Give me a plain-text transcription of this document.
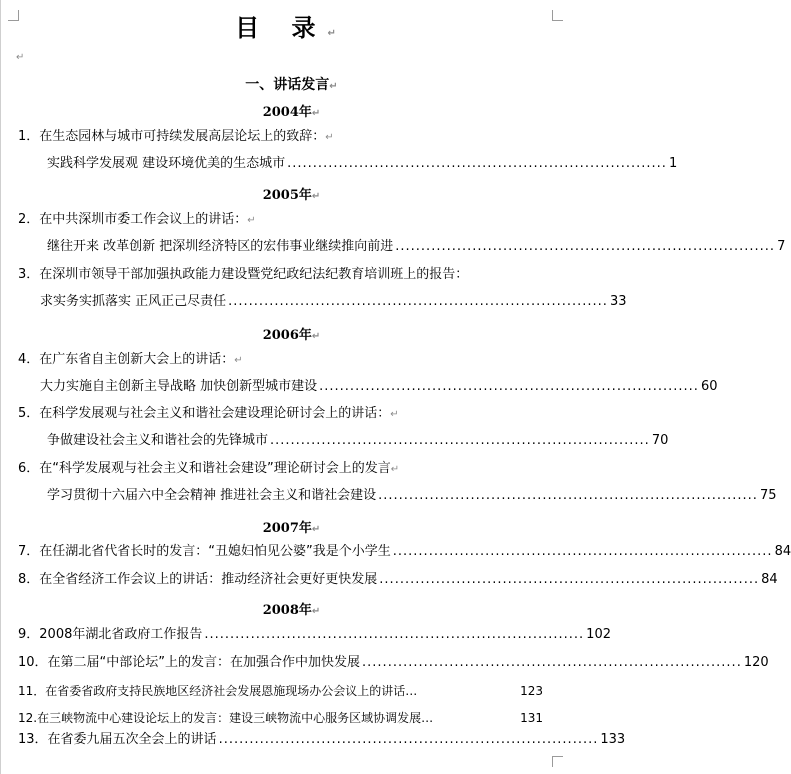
目 录↵
↵
一、讲话发言↵
2004年↵
2005年↵
2006年↵
2007年↵
2008年↵
1．在生态园林与城市可持续发展高层论坛上的致辞：↵
实践科学发展观 建设环境优美的生态城市 .......................................................................... 1
2．在中共深圳市委工作会议上的讲话：↵
继往开来 改革创新 把深圳经济特区的宏伟事业继续推向前进 .......................................................................... 7
3．在深圳市领导干部加强执政能力建设暨党纪政纪法纪教育培训班上的报告：
求实务实抓落实 正风正己尽责任 .......................................................................... 33
4．在广东省自主创新大会上的讲话：↵
大力实施自主创新主导战略 加快创新型城市建设 .......................................................................... 60
5．在科学发展观与社会主义和谐社会建设理论研讨会上的讲话：↵
争做建设社会主义和谐社会的先锋城市 .......................................................................... 70
6．在“科学发展观与社会主义和谐社会建设”理论研讨会上的发言↵
学习贯彻十六届六中全会精神 推进社会主义和谐社会建设 .......................................................................... 75
7．在任湖北省代省长时的发言：“丑媳妇怕见公婆”我是个小学生 .......................................................................... 84
8．在全省经济工作会议上的讲话：推动经济社会更好更快发展 .......................................................................... 84
9．2008年湖北省政府工作报告 .......................................................................... 102
10．在第二届“中部论坛”上的发言：在加强合作中加快发展 .......................................................................... 120
11．在省委省政府支持民族地区经济社会发展恩施现场办公会议上的讲话…	123
12.在三峡物流中心建设论坛上的发言：建设三峡物流中心服务区域协调发展…	131
13．在省委九届五次全会上的讲话 .......................................................................... 133
